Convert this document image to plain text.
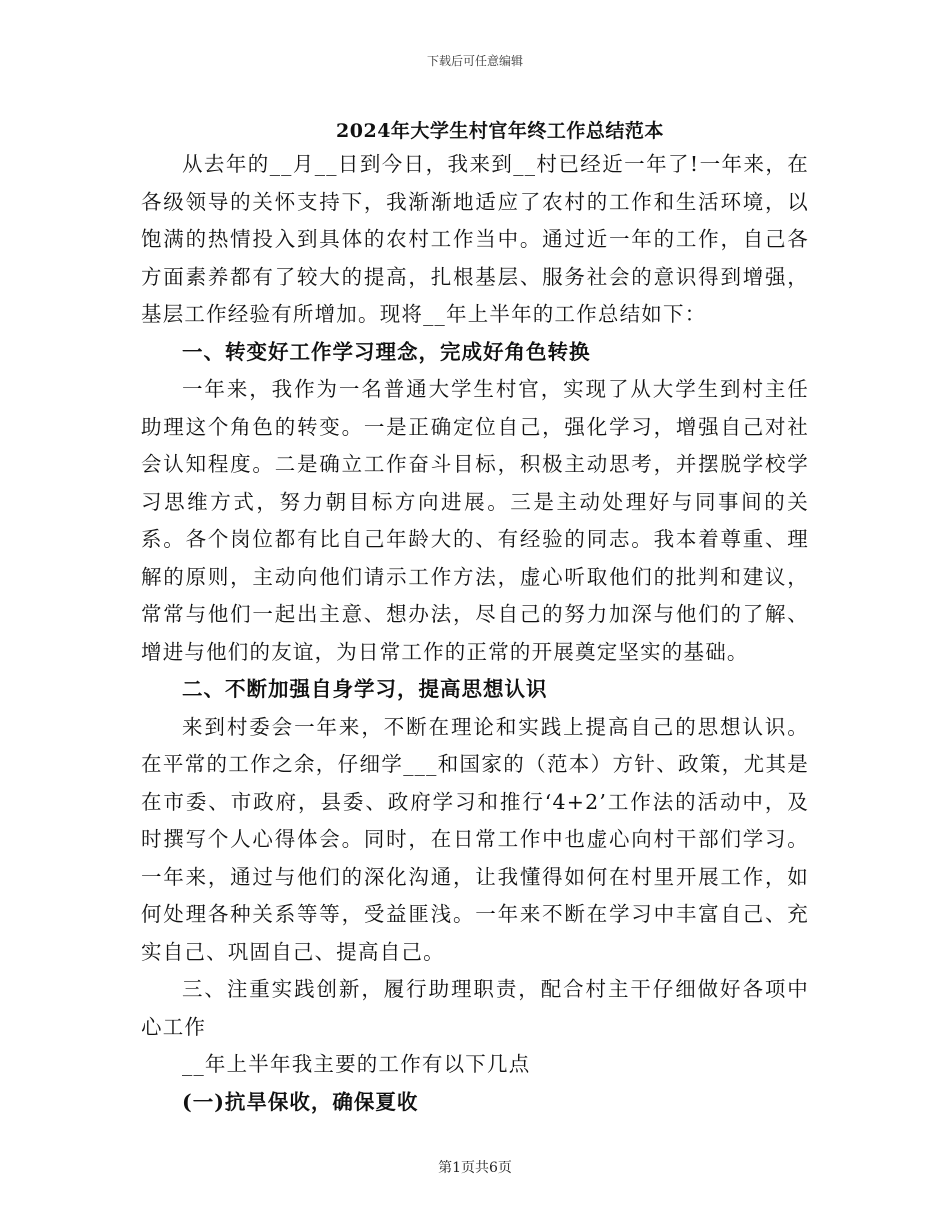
下载后可任意编辑
2024年大学生村官年终工作总结范本

从去年的__月__日到今日，我来到__村已经近一年了!一年来，在各级领导的关怀支持下，我渐渐地适应了农村的工作和生活环境，以饱满的热情投入到具体的农村工作当中。通过近一年的工作，自己各方面素养都有了较大的提高，扎根基层、服务社会的意识得到增强，基层工作经验有所增加。现将__年上半年的工作总结如下：

一、转变好工作学习理念，完成好角色转换

一年来，我作为一名普通大学生村官，实现了从大学生到村主任助理这个角色的转变。一是正确定位自己，强化学习，增强自己对社会认知程度。二是确立工作奋斗目标，积极主动思考，并摆脱学校学习思维方式，努力朝目标方向进展。三是主动处理好与同事间的关系。各个岗位都有比自己年龄大的、有经验的同志。我本着尊重、理解的原则，主动向他们请示工作方法，虚心听取他们的批判和建议，常常与他们一起出主意、想办法，尽自己的努力加深与他们的了解、增进与他们的友谊，为日常工作的正常的开展奠定坚实的基础。

二、不断加强自身学习，提高思想认识

来到村委会一年来，不断在理论和实践上提高自己的思想认识。在平常的工作之余，仔细学___和国家的（范本）方针、政策，尤其是在市委、市政府，县委、政府学习和推行‘4+2’工作法的活动中，及时撰写个人心得体会。同时，在日常工作中也虚心向村干部们学习。一年来，通过与他们的深化沟通，让我懂得如何在村里开展工作，如何处理各种关系等等，受益匪浅。一年来不断在学习中丰富自己、充实自己、巩固自己、提高自己。

三、注重实践创新，履行助理职责，配合村主干仔细做好各项中心工作

__年上半年我主要的工作有以下几点

(一)抗旱保收，确保夏收

第1页共6页
